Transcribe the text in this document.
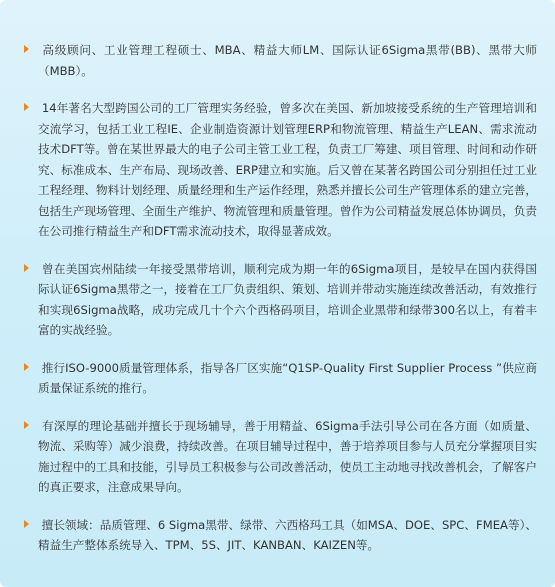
高级顾问、工业管理工程硕士、MBA、精益大师LM、国际认证6Sigma黑带(BB)、黑带大师（MBB）。
14年著名大型跨国公司的工厂管理实务经验，曾多次在美国、新加坡接受系统的生产管理培训和交流学习，包括工业工程IE、企业制造资源计划管理ERP和物流管理、精益生产LEAN、需求流动技术DFT等。曾在某世界最大的电子公司主管工业工程，负责工厂筹建、项目管理、时间和动作研究、标准成本、生产布局、现场改善、ERP建立和实施。后又曾在某著名跨国公司分别担任过工业工程经理、物料计划经理、质量经理和生产运作经理，熟悉并擅长公司生产管理体系的建立完善，包括生产现场管理、全面生产维护、物流管理和质量管理。曾作为公司精益发展总体协调员，负责在公司推行精益生产和DFT需求流动技术，取得显著成效。
曾在美国宾州陆续一年接受黑带培训，顺利完成为期一年的6Sigma项目，是较早在国内获得国际认证6Sigma黑带之一，接着在工厂负责组织、策划、培训并带动实施连续改善活动，有效推行和实现6Sigma战略，成功完成几十个六个西格码项目，培训企业黑带和绿带300名以上，有着丰富的实战经验。
推行ISO-9000质量管理体系，指导各厂区实施“Q1SP-Quality First Supplier Process ”供应商质量保证系统的推行。
有深厚的理论基础并擅长于现场辅导，善于用精益、6Sigma手法引导公司在各方面（如质量、物流、采购等）减少浪费，持续改善。在项目辅导过程中，善于培养项目参与人员充分掌握项目实施过程中的工具和技能，引导员工积极参与公司改善活动，使员工主动地寻找改善机会，了解客户的真正要求，注意成果导向。
擅长领域：品质管理、6 Sigma黑带、绿带、六西格玛工具（如MSA、DOE、SPC、FMEA等）、精益生产整体系统导入、TPM、5S、JIT、KANBAN、KAIZEN等。
